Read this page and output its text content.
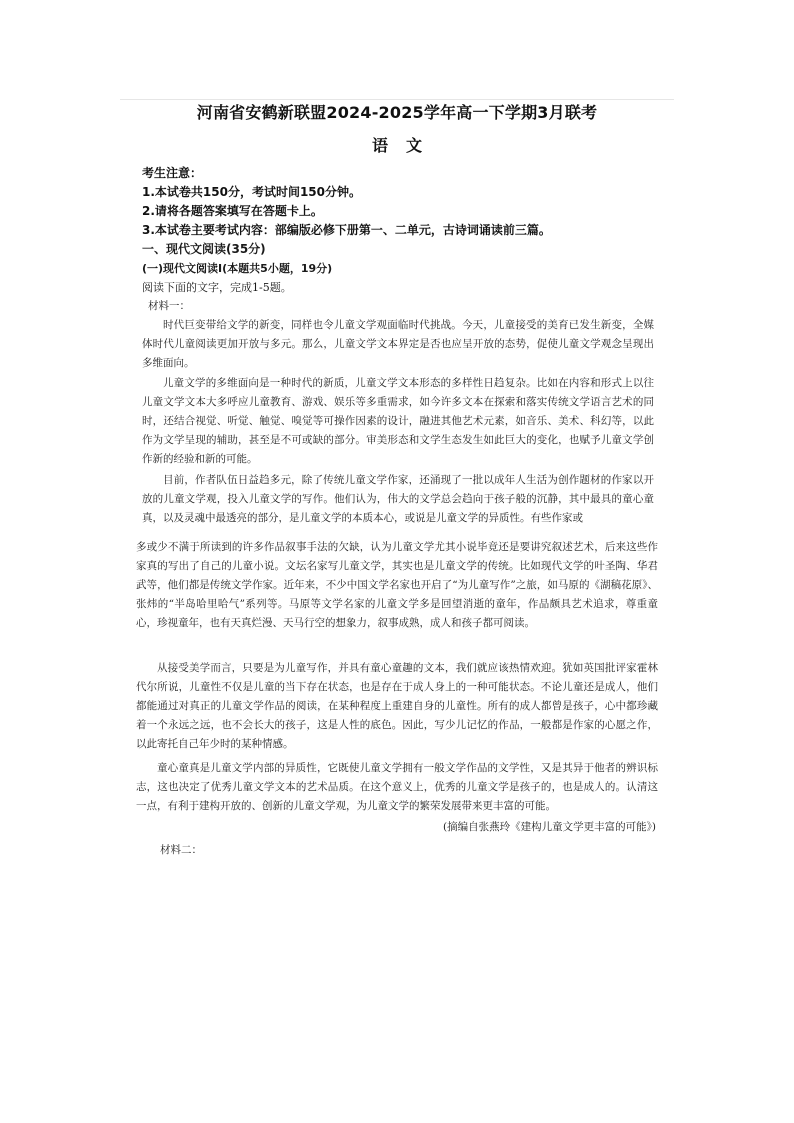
河南省安鹤新联盟2024-2025学年高一下学期3月联考
语文
考生注意：
1.本试卷共150分，考试时间150分钟。
2.请将各题答案填写在答题卡上。
3.本试卷主要考试内容：部编版必修下册第一、二单元，古诗词诵读前三篇。
一、现代文阅读(35分)
(一)现代文阅读Ⅰ(本题共5小题，19分)
阅读下面的文字，完成1-5题。
材料一：

时代巨变带给文学的新变，同样也令儿童文学观面临时代挑战。今天，儿童接受的美育已发生新变，全媒体时代儿童阅读更加开放与多元。那么，儿童文学文本界定是否也应呈开放的态势，促使儿童文学观念呈现出多维面向。

儿童文学的多维面向是一种时代的新质，儿童文学文本形态的多样性日趋复杂。比如在内容和形式上以往儿童文学文本大多呼应儿童教育、游戏、娱乐等多重需求，如今许多文本在探索和落实传统文学语言艺术的同时，还结合视觉、听觉、触觉、嗅觉等可操作因素的设计，融进其他艺术元素，如音乐、美术、科幻等，以此作为文学呈现的辅助，甚至是不可或缺的部分。审美形态和文学生态发生如此巨大的变化，也赋予儿童文学创作新的经验和新的可能。

目前，作者队伍日益趋多元，除了传统儿童文学作家，还涌现了一批以成年人生活为创作题材的作家以开放的儿童文学观，投入儿童文学的写作。他们认为，伟大的文学总会趋向于孩子般的沉静，其中最具的童心童真，以及灵魂中最透亮的部分，是儿童文学的本质本心，或说是儿童文学的异质性。有些作家或

多或少不满于所读到的许多作品叙事手法的欠缺，认为儿童文学尤其小说毕竟还是要讲究叙述艺术，后来这些作家真的写出了自己的儿童小说。文坛名家写儿童文学，其实也是儿童文学的传统。比如现代文学的叶圣陶、华君武等，他们都是传统文学作家。近年来，不少中国文学名家也开启了“为儿童写作”之旅，如马原的《湖稿花原》、张炜的“半岛哈里哈气”系列等。马原等文学名家的儿童文学多是回望消逝的童年，作品颇具艺术追求，尊重童心，珍视童年，也有天真烂漫、天马行空的想象力，叙事成熟，成人和孩子都可阅读。

从接受美学而言，只要是为儿童写作，并具有童心童趣的文本，我们就应该热情欢迎。犹如英国批评家霍林代尔所说，儿童性不仅是儿童的当下存在状态，也是存在于成人身上的一种可能状态。不论儿童还是成人，他们都能通过对真正的儿童文学作品的阅读，在某种程度上重建自身的儿童性。所有的成人都曾是孩子，心中都珍藏着一个永远之远，也不会长大的孩子，这是人性的底色。因此，写少儿记忆的作品，一般都是作家的心愿之作，以此寄托自己年少时的某种情感。

童心童真是儿童文学内部的异质性，它既使儿童文学拥有一般文学作品的文学性，又是其异于他者的辨识标志，这也决定了优秀儿童文学文本的艺术品质。在这个意义上，优秀的儿童文学是孩子的，也是成人的。认清这一点，有利于建构开放的、创新的儿童文学观，为儿童文学的繁荣发展带来更丰富的可能。

(摘编自张燕玲《建构儿童文学更丰富的可能》)
材料二：
